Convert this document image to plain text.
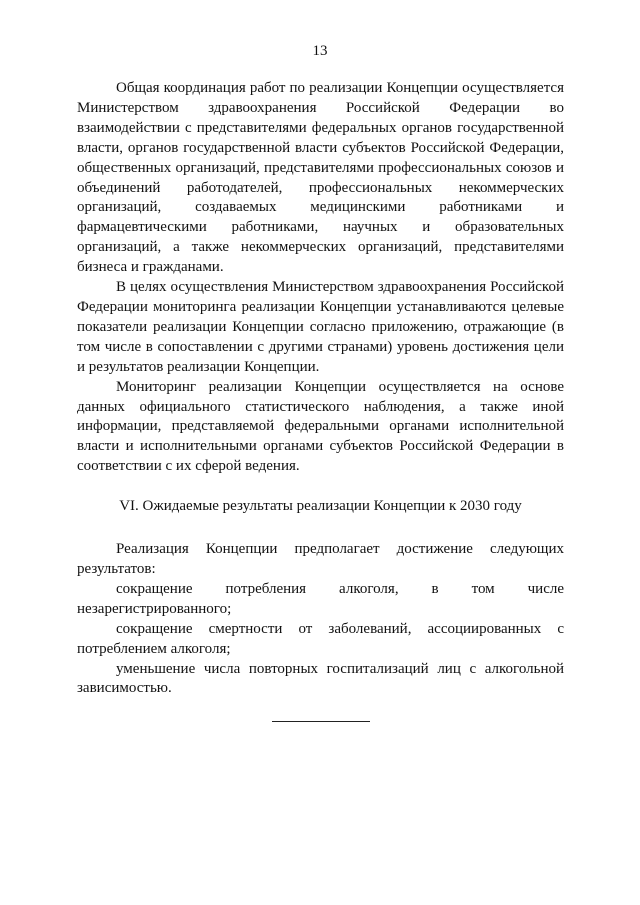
13

Общая координация работ по реализации Концепции осуществляется Министерством здравоохранения Российской Федерации во взаимодействии с представителями федеральных органов государственной власти, органов государственной власти субъектов Российской Федерации, общественных организаций, представителями профессиональных союзов и объединений работодателей, профессиональных некоммерческих организаций, создаваемых медицинскими работниками и фармацевтическими работниками, научных и образовательных организаций, а также некоммерческих организаций, представителями бизнеса и гражданами.

В целях осуществления Министерством здравоохранения Российской Федерации мониторинга реализации Концепции устанавливаются целевые показатели реализации Концепции согласно приложению, отражающие (в том числе в сопоставлении с другими странами) уровень достижения цели и результатов реализации Концепции.

Мониторинг реализации Концепции осуществляется на основе данных официального статистического наблюдения, а также иной информации, представляемой федеральными органами исполнительной власти и исполнительными органами субъектов Российской Федерации в соответствии с их сферой ведения.

VI. Ожидаемые результаты реализации Концепции к 2030 году

Реализация Концепции предполагает достижение следующих результатов:

сокращение потребления алкоголя, в том числе незарегистрированного;

сокращение смертности от заболеваний, ассоциированных с потреблением алкоголя;

уменьшение числа повторных госпитализаций лиц с алкогольной зависимостью.
